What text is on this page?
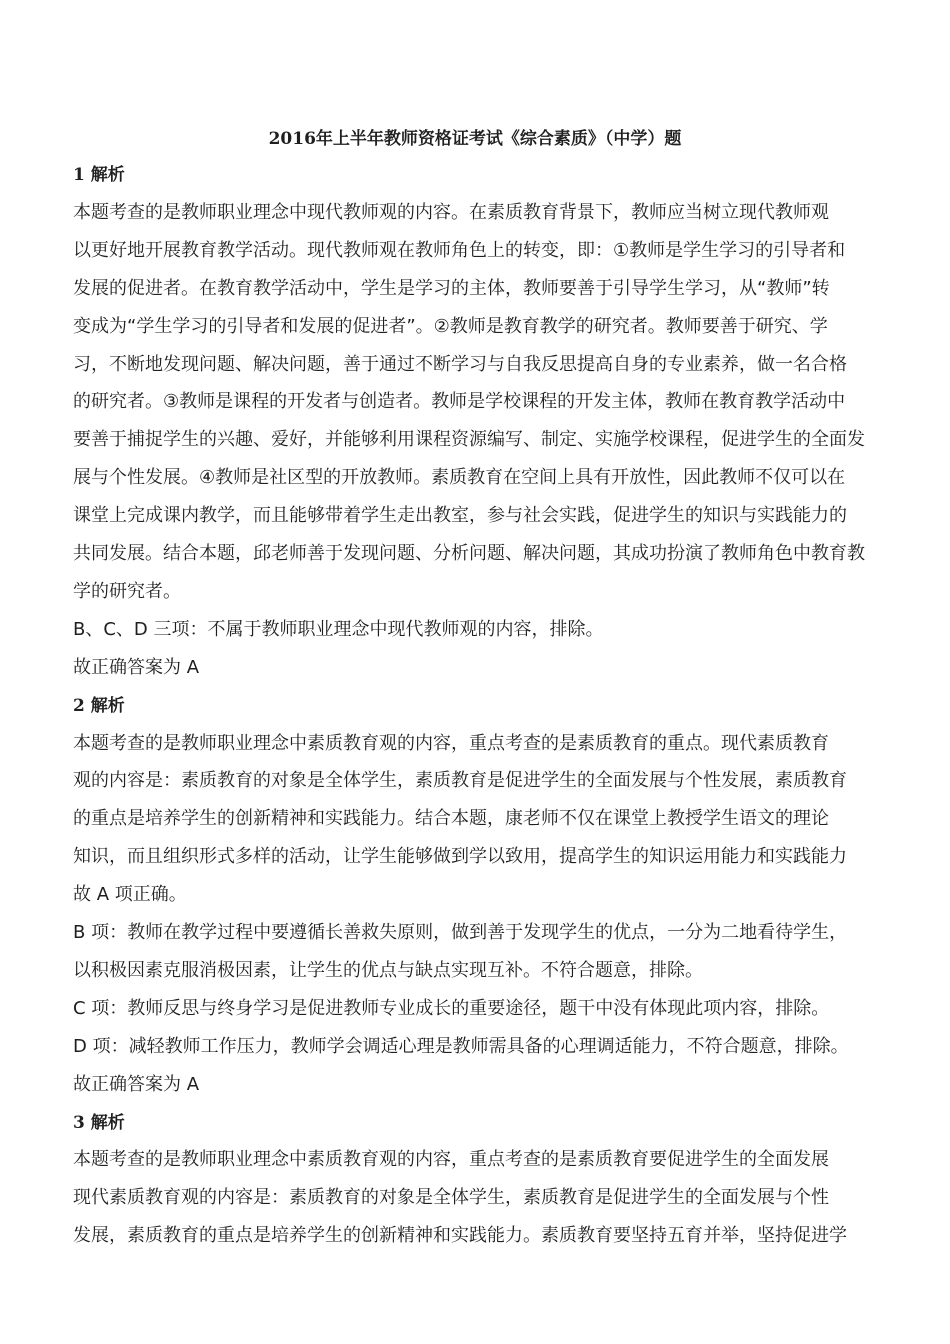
2016年上半年教师资格证考试《综合素质》（中学）题
1 解析
本题考查的是教师职业理念中现代教师观的内容。在素质教育背景下，教师应当树立现代教师观
以更好地开展教育教学活动。现代教师观在教师角色上的转变，即：①教师是学生学习的引导者和
发展的促进者。在教育教学活动中，学生是学习的主体，教师要善于引导学生学习，从“教师”转
变成为“学生学习的引导者和发展的促进者”。②教师是教育教学的研究者。教师要善于研究、学
习，不断地发现问题、解决问题，善于通过不断学习与自我反思提高自身的专业素养，做一名合格
的研究者。③教师是课程的开发者与创造者。教师是学校课程的开发主体，教师在教育教学活动中
要善于捕捉学生的兴趣、爱好，并能够利用课程资源编写、制定、实施学校课程，促进学生的全面发
展与个性发展。④教师是社区型的开放教师。素质教育在空间上具有开放性，因此教师不仅可以在
课堂上完成课内教学，而且能够带着学生走出教室，参与社会实践，促进学生的知识与实践能力的
共同发展。结合本题，邱老师善于发现问题、分析问题、解决问题，其成功扮演了教师角色中教育教
学的研究者。
B、C、D 三项：不属于教师职业理念中现代教师观的内容，排除。
故正确答案为 A
2 解析
本题考查的是教师职业理念中素质教育观的内容，重点考查的是素质教育的重点。现代素质教育
观的内容是：素质教育的对象是全体学生，素质教育是促进学生的全面发展与个性发展，素质教育
的重点是培养学生的创新精神和实践能力。结合本题，康老师不仅在课堂上教授学生语文的理论
知识，而且组织形式多样的活动，让学生能够做到学以致用，提高学生的知识运用能力和实践能力
故 A 项正确。
B 项：教师在教学过程中要遵循长善救失原则，做到善于发现学生的优点，一分为二地看待学生，
以积极因素克服消极因素，让学生的优点与缺点实现互补。不符合题意，排除。
C 项：教师反思与终身学习是促进教师专业成长的重要途径，题干中没有体现此项内容，排除。
D 项：减轻教师工作压力，教师学会调适心理是教师需具备的心理调适能力，不符合题意，排除。
故正确答案为 A
3 解析
本题考查的是教师职业理念中素质教育观的内容，重点考查的是素质教育要促进学生的全面发展
现代素质教育观的内容是：素质教育的对象是全体学生，素质教育是促进学生的全面发展与个性
发展，素质教育的重点是培养学生的创新精神和实践能力。素质教育要坚持五育并举，坚持促进学
